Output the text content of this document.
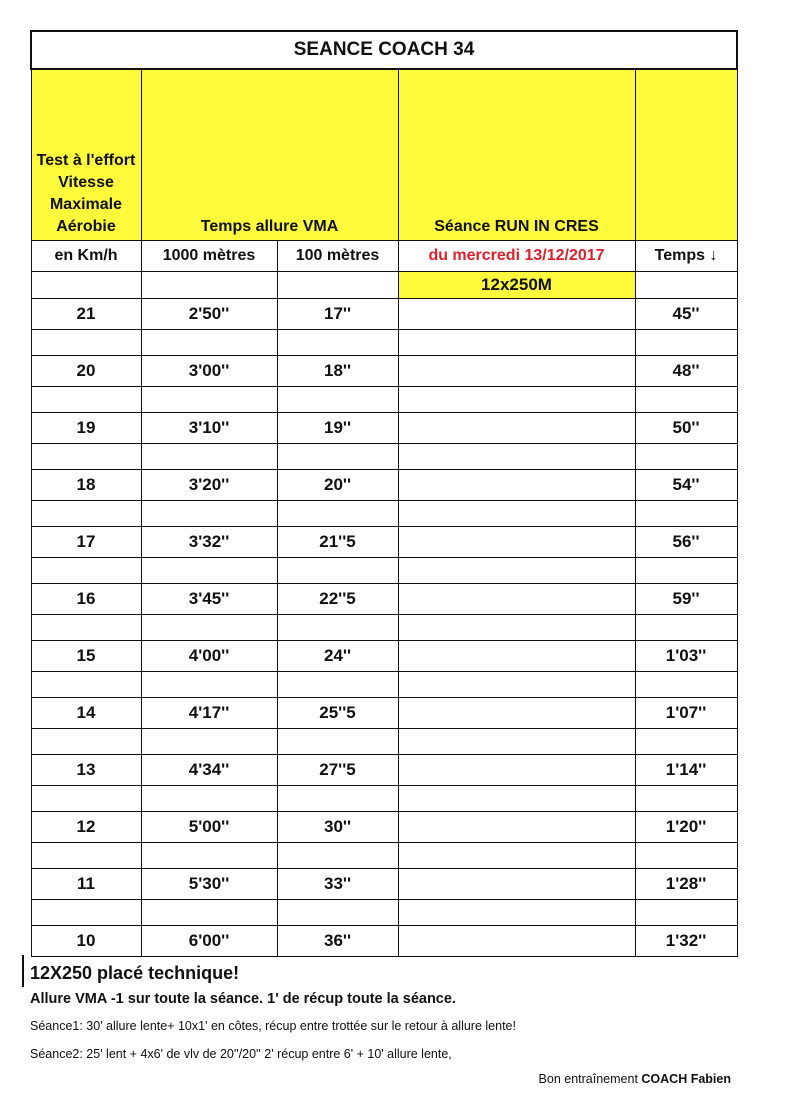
SEANCE COACH 34				
Test à l'effort Vitesse Maximale Aérobie	Temps allure VMA		Séance RUN IN CRES	
en Km/h	1000 mètres	100 mètres	du mercredi 13/12/2017	Temps ↓
			12x250M	
21	2'50''	17''		45''

20	3'00''	18''		48''

19	3'10''	19''		50''

18	3'20''	20''		54''

17	3'32''	21''5		56''

16	3'45''	22''5		59''

15	4'00''	24''		1'03''

14	4'17''	25''5		1'07''

13	4'34''	27''5		1'14''

12	5'00''	30''		1'20''

11	5'30''	33''		1'28''

10	6'00''	36''		1'32''

12X250 placé technique!

Allure VMA -1 sur toute la séance. 1' de récup toute la séance.

Séance1: 30' allure lente+ 10x1' en côtes, récup entre trottée sur le retour à allure lente!

Séance2: 25' lent + 4x6' de vlv de 20''/20'' 2' récup entre 6' + 10' allure lente,

Bon entraînement COACH Fabien
